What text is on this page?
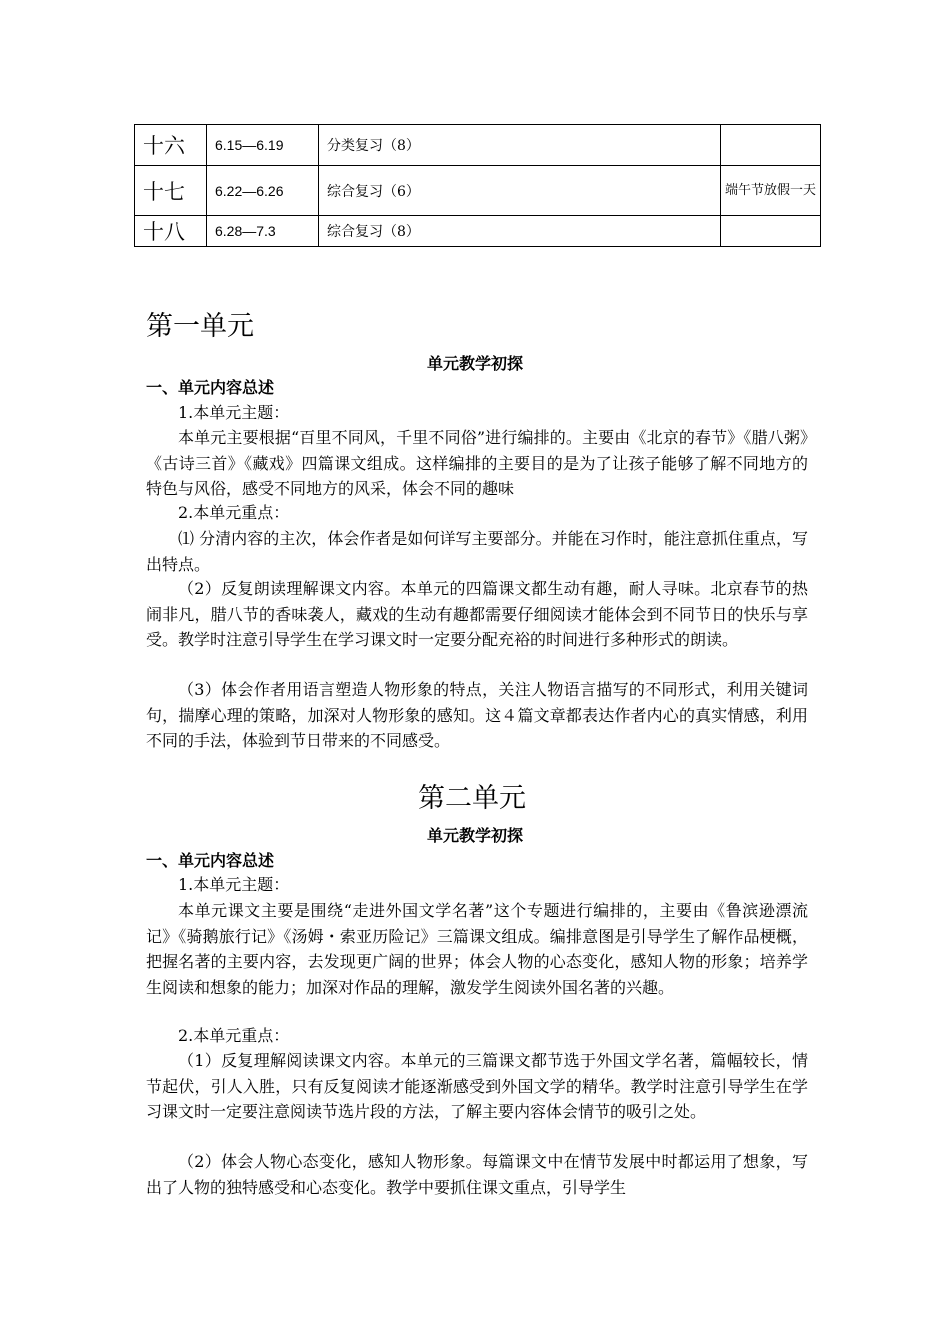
十六	6.15—6.19	分类复习（8）	
十七	6.22—6.26	综合复习（6）	端午节放假一天
十八	6.28—7.3	综合复习（8）	
第一单元
单元教学初探
一、单元内容总述
1.本单元主题：
本单元主要根据“百里不同风，千里不同俗”进行编排的。主要由《北京的春节》《腊八粥》《古诗三首》《藏戏》四篇课文组成。这样编排的主要目的是为了让孩子能够了解不同地方的特色与风俗，感受不同地方的风采，体会不同的趣味
2.本单元重点：
⑴ 分清内容的主次，体会作者是如何详写主要部分。并能在习作时，能注意抓住重点，写出特点。
（2）反复朗读理解课文内容。本单元的四篇课文都生动有趣，耐人寻味。北京春节的热闹非凡，腊八节的香味袭人，藏戏的生动有趣都需要仔细阅读才能体会到不同节日的快乐与享受。教学时注意引导学生在学习课文时一定要分配充裕的时间进行多种形式的朗读。
（3）体会作者用语言塑造人物形象的特点，关注人物语言描写的不同形式，利用关键词句，揣摩心理的策略，加深对人物形象的感知。这４篇文章都表达作者内心的真实情感，利用不同的手法，体验到节日带来的不同感受。
第二单元
单元教学初探
一、单元内容总述
1.本单元主题：
本单元课文主要是围绕“走进外国文学名著”这个专题进行编排的，主要由《鲁滨逊漂流记》《骑鹅旅行记》《汤姆・索亚历险记》三篇课文组成。编排意图是引导学生了解作品梗概，把握名著的主要内容，去发现更广阔的世界；体会人物的心态变化，感知人物的形象；培养学生阅读和想象的能力；加深对作品的理解，激发学生阅读外国名著的兴趣。
2.本单元重点：
（1）反复理解阅读课文内容。本单元的三篇课文都节选于外国文学名著，篇幅较长，情节起伏，引人入胜，只有反复阅读才能逐渐感受到外国文学的精华。教学时注意引导学生在学习课文时一定要注意阅读节选片段的方法，了解主要内容体会情节的吸引之处。
（2）体会人物心态变化，感知人物形象。每篇课文中在情节发展中时都运用了想象，写出了人物的独特感受和心态变化。教学中要抓住课文重点，引导学生
